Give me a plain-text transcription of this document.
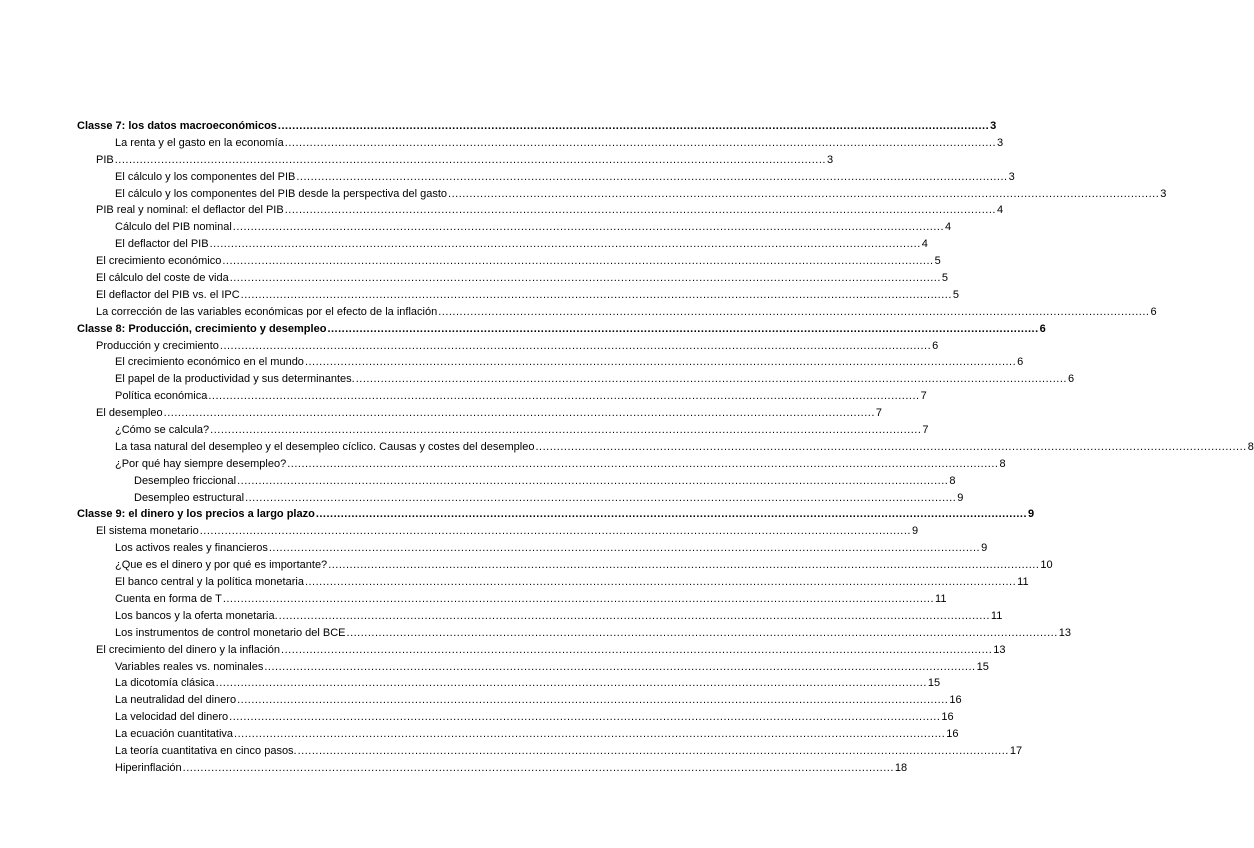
Classe 7: los datos macroeconómicos ........................................................................................................................................................................................................ 3
La renta y el gasto en la economía ........................................................................................................................................................................................................ 3
PIB ........................................................................................................................................................................................................ 3
El cálculo y los componentes del PIB ........................................................................................................................................................................................................ 3
El cálculo y los componentes del PIB desde la perspectiva del gasto ........................................................................................................................................................................................................ 3
PIB real y nominal: el deflactor del PIB ........................................................................................................................................................................................................ 4
Cálculo del PIB nominal ........................................................................................................................................................................................................ 4
El deflactor del PIB ........................................................................................................................................................................................................ 4
El crecimiento económico ........................................................................................................................................................................................................ 5
El cálculo del coste de vida ........................................................................................................................................................................................................ 5
El deflactor del PIB vs. el IPC ........................................................................................................................................................................................................ 5
La corrección de las variables económicas por el efecto de la inflación ........................................................................................................................................................................................................ 6
Classe 8: Producción, crecimiento y desempleo ........................................................................................................................................................................................................ 6
Producción y crecimiento ........................................................................................................................................................................................................ 6
El crecimiento económico en el mundo ........................................................................................................................................................................................................ 6
El papel de la productividad y sus determinantes. ........................................................................................................................................................................................................ 6
Política económica ........................................................................................................................................................................................................ 7
El desempleo ........................................................................................................................................................................................................ 7
¿Cómo se calcula? ........................................................................................................................................................................................................ 7
La tasa natural del desempleo y el desempleo cíclico. Causas y costes del desempleo ........................................................................................................................................................................................................ 8
¿Por qué hay siempre desempleo? ........................................................................................................................................................................................................ 8
Desempleo friccional ........................................................................................................................................................................................................ 8
Desempleo estructural ........................................................................................................................................................................................................ 9
Classe 9: el dinero y los precios a largo plazo ........................................................................................................................................................................................................ 9
El sistema monetario ........................................................................................................................................................................................................ 9
Los activos reales y financieros ........................................................................................................................................................................................................ 9
¿Que es el dinero y por qué es importante? ........................................................................................................................................................................................................ 10
El banco central y la política monetaria ........................................................................................................................................................................................................ 11
Cuenta en forma de T ........................................................................................................................................................................................................ 11
Los bancos y la oferta monetaria. ........................................................................................................................................................................................................ 11
Los instrumentos de control monetario del BCE ........................................................................................................................................................................................................ 13
El crecimiento del dinero y la inflación ........................................................................................................................................................................................................ 13
Variables reales vs. nominales ........................................................................................................................................................................................................ 15
La dicotomía clásica ........................................................................................................................................................................................................ 15
La neutralidad del dinero ........................................................................................................................................................................................................ 16
La velocidad del dinero ........................................................................................................................................................................................................ 16
La ecuación cuantitativa ........................................................................................................................................................................................................ 16
La teoría cuantitativa en cinco pasos. ........................................................................................................................................................................................................ 17
Hiperinflación ........................................................................................................................................................................................................ 18
